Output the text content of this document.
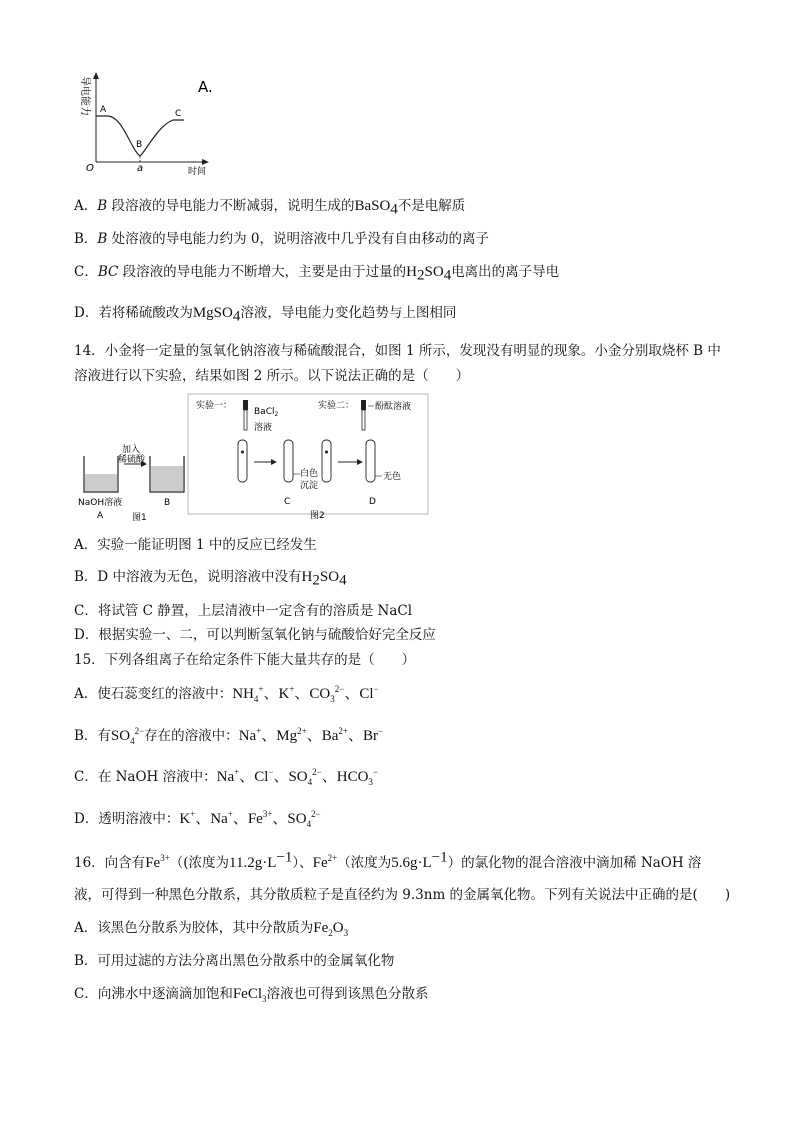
导电能力	A.
A
B
C
O	a	时间
A．B 段溶液的导电能力不断减弱，说明生成的BaSO$_4$不是电解质
B．B 处溶液的导电能力约为 0，说明溶液中几乎没有自由移动的离子
C．BC 段溶液的导电能力不断增大，主要是由于过量的$H_2SO_4$电离出的离子导电
D．若将稀硫酸改为MgSO$_4$溶液，导电能力变化趋势与上图相同
14．小金将一定量的氢氧化钠溶液与稀硫酸混合，如图 1 所示，发现没有明显的现象。小金分别取烧杯 B 中
溶液进行以下实验，结果如图 2 所示。以下说法正确的是（　　）
加入
稀硫酸
NaOH溶液
A
B
图1
实验一：
BaCl$_2$
溶液
白色
沉淀
C
实验二： 酚酞溶液
无色
D
图2
A．实验一能证明图 1 中的反应已经发生
B．D 中溶液为无色，说明溶液中没有$H_2SO_4$
C．将试管 C 静置，上层清液中一定含有的溶质是 NaCl
D．根据实验一、二，可以判断氢氧化钠与硫酸恰好完全反应
15．下列各组离子在给定条件下能大量共存的是（　　）
A．使石蕊变红的溶液中：$NH_4^+$、K+、$CO_3^{2-}$、Cl−
B．有$SO_4^{2-}$存在的溶液中：Na+、$Mg^{2+}$、$Ba^{2+}$、Br−
C．在 NaOH 溶液中：Na+、Cl−、$SO_4^{2-}$、$HCO_3^-$
D．透明溶液中：K+、Na+、$Fe^{3+}$、$SO_4^{2-}$
16．向含有$Fe^{3+}$（(浓度为$11.2g\cdot L^{-1}$）、$Fe^{2+}$（浓度为$5.6g\cdot L^{-1}$）的氯化物的混合溶液中滴加稀 NaOH 溶
液，可得到一种黑色分散系，其分散质粒子是直径约为 9.3nm 的金属氧化物。下列有关说法中正确的是(　　)
A．该黑色分散系为胶体，其中分散质为$Fe_2O_3$
B．可用过滤的方法分离出黑色分散系中的金属氧化物
C．向沸水中逐滴滴加饱和FeCl$_3$溶液也可得到该黑色分散系
